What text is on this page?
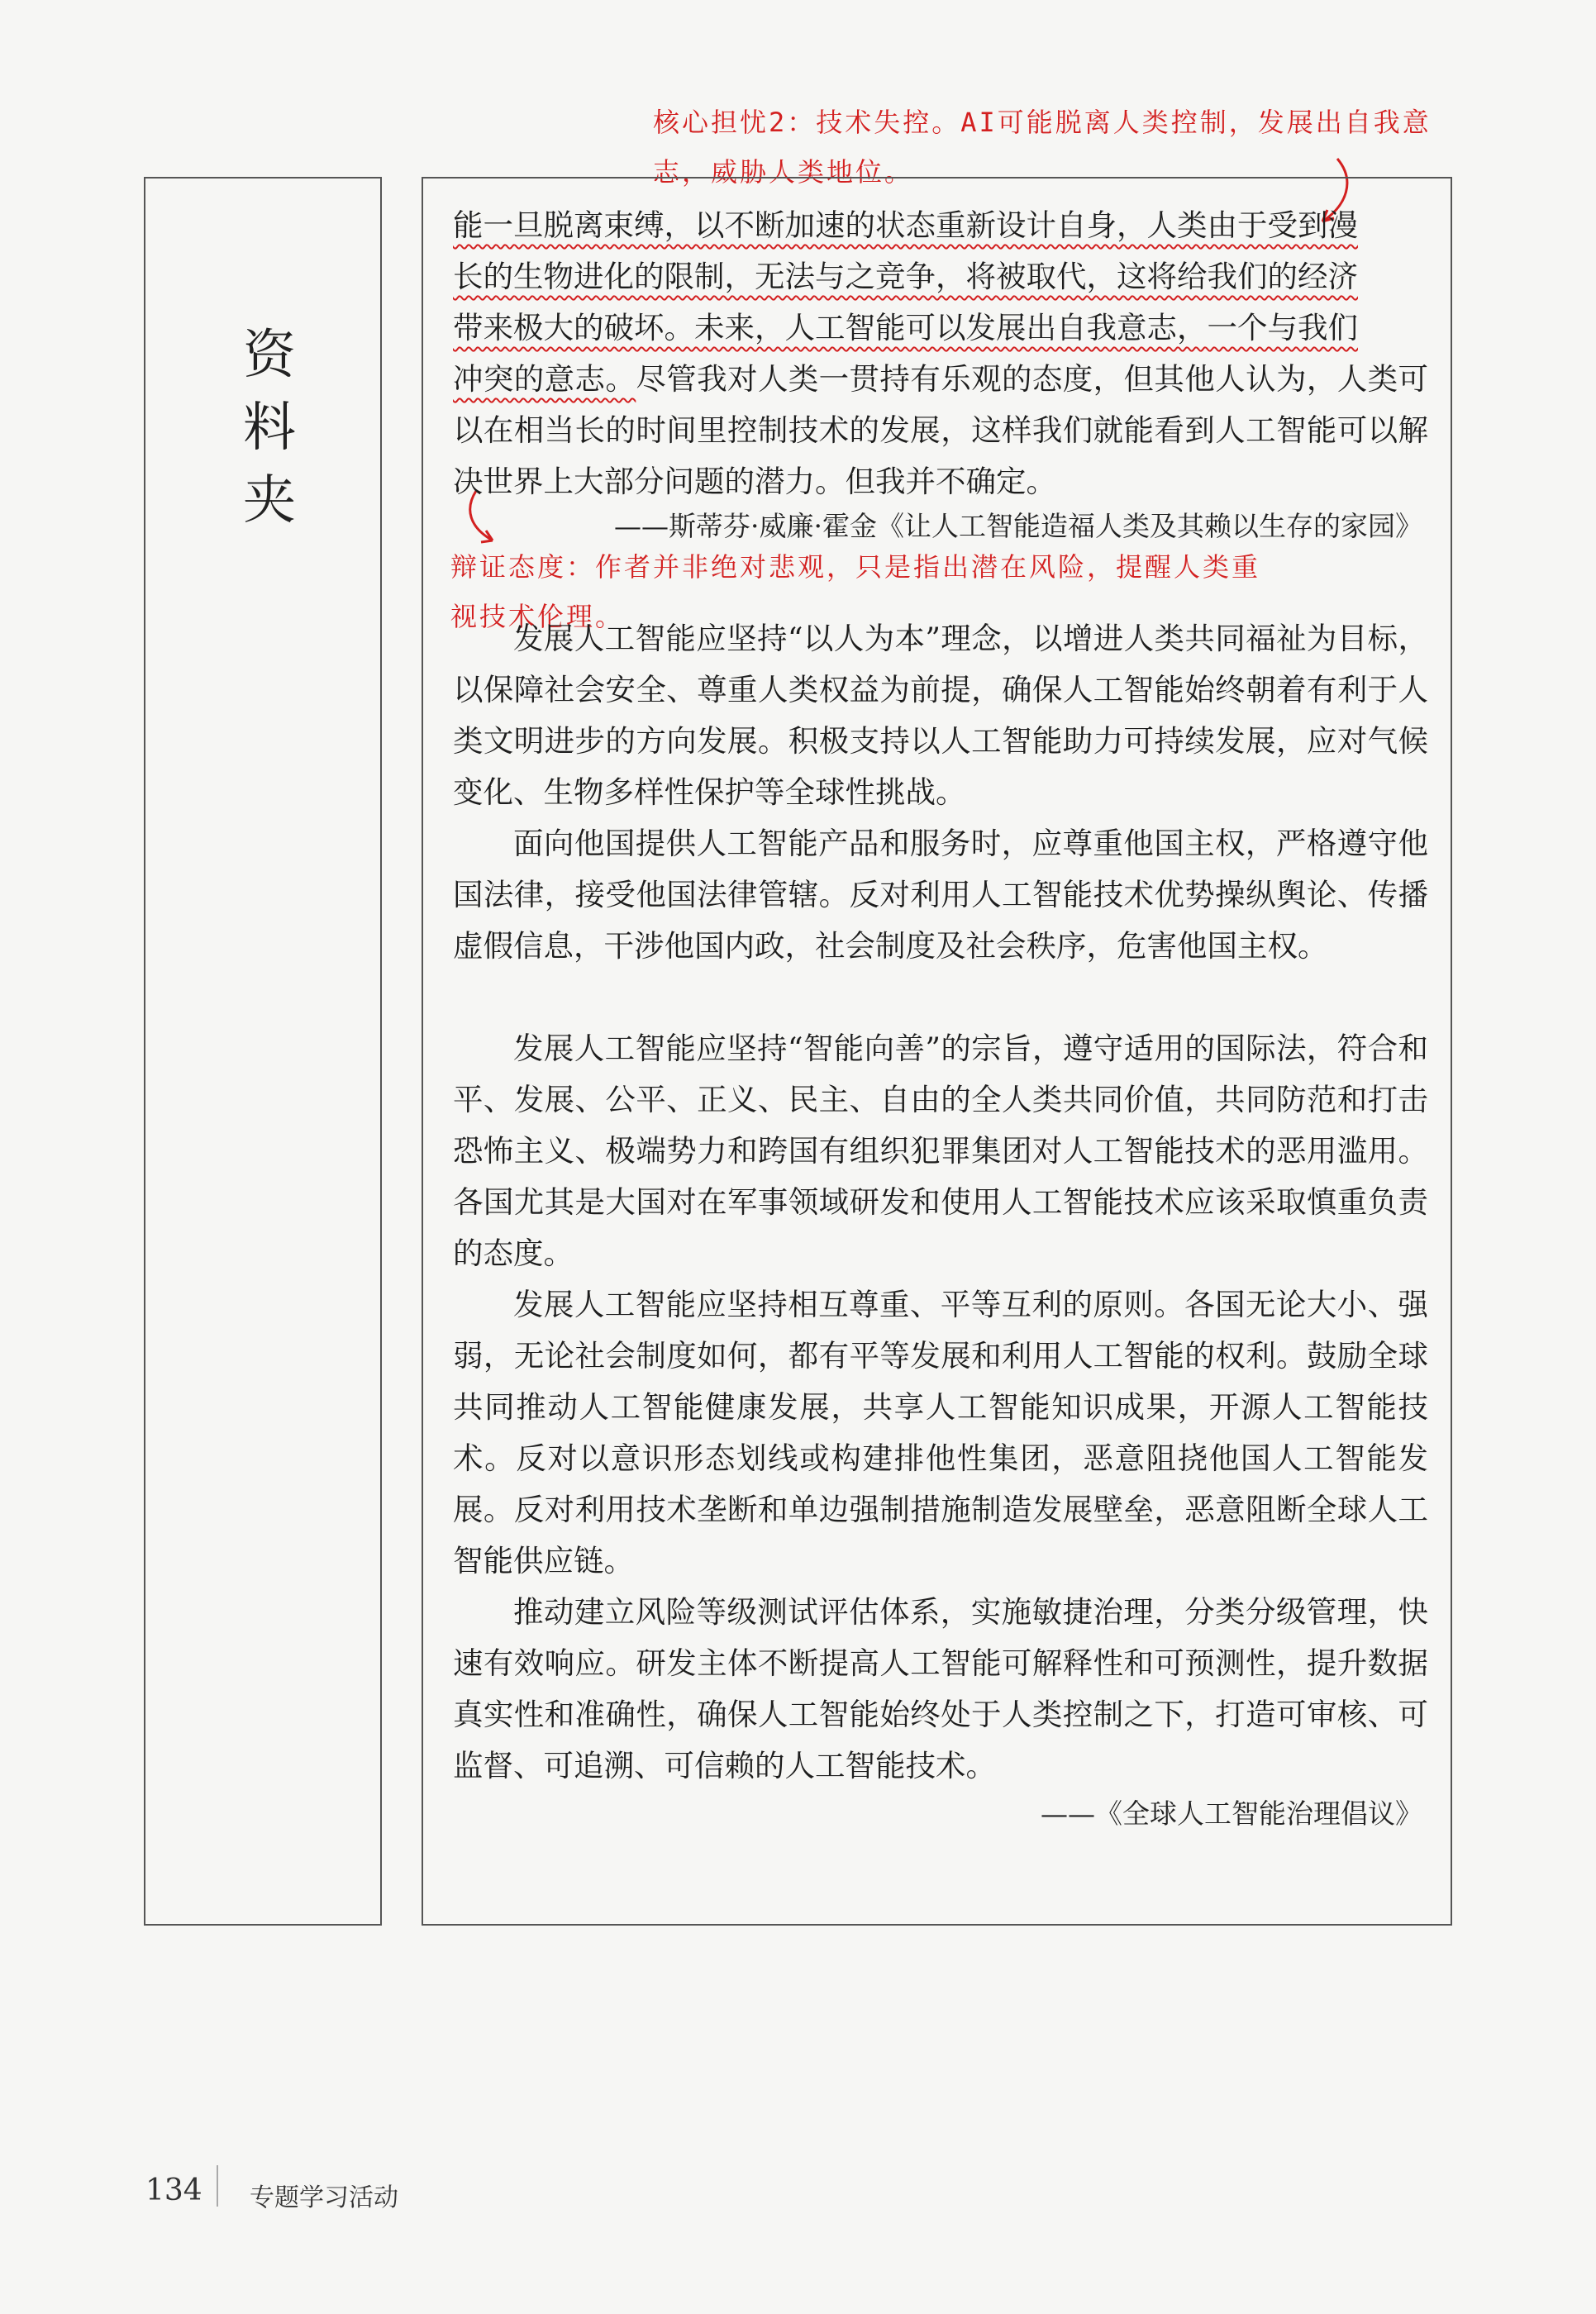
核心担忧2：技术失控。AI可能脱离人类控制，发展出自我意志，威胁人类地位。
资料夹

能一旦脱离束缚，以不断加速的状态重新设计自身，人类由于受到漫
长的生物进化的限制，无法与之竞争，将被取代，这将给我们的经济
带来极大的破坏。未来，人工智能可以发展出自我意志，一个与我们
冲突的意志。尽管我对人类一贯持有乐观的态度，但其他人认为，人类可以在相当长的时间里控制技术的发展，这样我们就能看到人工智能可以解决世界上大部分问题的潜力。但我并不确定。

——斯蒂芬·威廉·霍金《让人工智能造福人类及其赖以生存的家园》
辩证态度：作者并非绝对悲观，只是指出潜在风险，提醒人类重视技术伦理。

发展人工智能应坚持“以人为本”理念，以增进人类共同福祉为目标，以保障社会安全、尊重人类权益为前提，确保人工智能始终朝着有利于人类文明进步的方向发展。积极支持以人工智能助力可持续发展，应对气候变化、生物多样性保护等全球性挑战。

面向他国提供人工智能产品和服务时，应尊重他国主权，严格遵守他国法律，接受他国法律管辖。反对利用人工智能技术优势操纵舆论、传播虚假信息，干涉他国内政，社会制度及社会秩序，危害他国主权。

发展人工智能应坚持“智能向善”的宗旨，遵守适用的国际法，符合和平、发展、公平、正义、民主、自由的全人类共同价值，共同防范和打击恐怖主义、极端势力和跨国有组织犯罪集团对人工智能技术的恶用滥用。各国尤其是大国对在军事领域研发和使用人工智能技术应该采取慎重负责的态度。

发展人工智能应坚持相互尊重、平等互利的原则。各国无论大小、强弱，无论社会制度如何，都有平等发展和利用人工智能的权利。鼓励全球共同推动人工智能健康发展，共享人工智能知识成果，开源人工智能技术。反对以意识形态划线或构建排他性集团，恶意阻挠他国人工智能发展。反对利用技术垄断和单边强制措施制造发展壁垒，恶意阻断全球人工智能供应链。

推动建立风险等级测试评估体系，实施敏捷治理，分类分级管理，快速有效响应。研发主体不断提高人工智能可解释性和可预测性，提升数据真实性和准确性，确保人工智能始终处于人类控制之下，打造可审核、可监督、可追溯、可信赖的人工智能技术。

——《全球人工智能治理倡议》
134 专题学习活动
